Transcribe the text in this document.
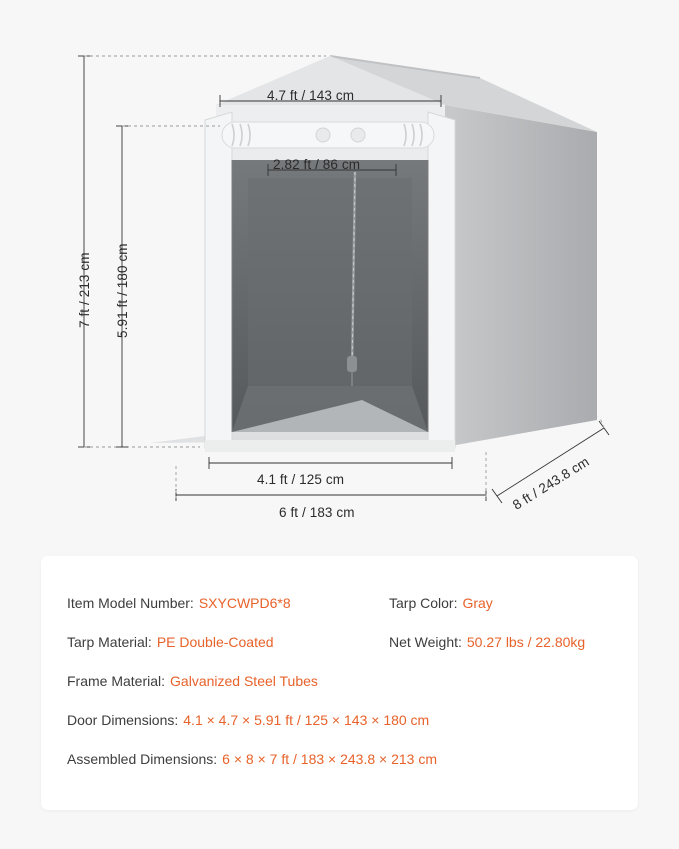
4.7 ft / 143 cm
2.82 ft / 86 cm
5.91 ft / 180 cm
7 ft / 213 cm
4.1 ft / 125 cm
6 ft / 183 cm	8 ft / 243.8 cm
Item Model Number: SXYCWPD6*8	Tarp Color: Gray
Tarp Material: PE Double-Coated	Net Weight: 50.27 lbs / 22.80kg
Frame Material: Galvanized Steel Tubes
Door Dimensions: 4.1 × 4.7 × 5.91 ft / 125 × 143 × 180 cm
Assembled Dimensions: 6 × 8 × 7 ft / 183 × 243.8 × 213 cm
